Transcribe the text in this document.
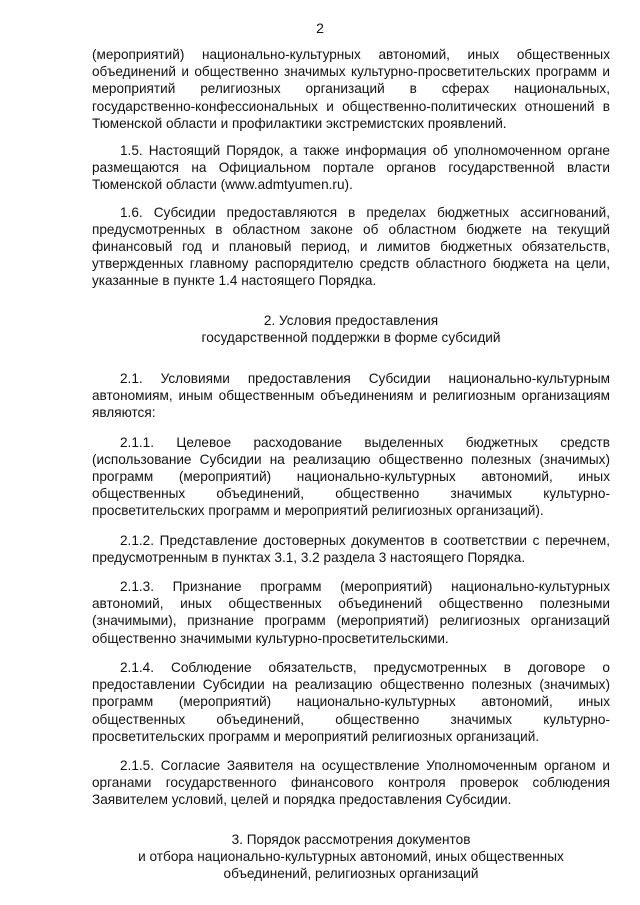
2

(мероприятий) национально-культурных автономий, иных общественных объединений и общественно значимых культурно-просветительских программ и мероприятий религиозных организаций в сферах национальных, государственно-конфессиональных и общественно-политических отношений в Тюменской области и профилактики экстремистских проявлений.

1.5. Настоящий Порядок, а также информация об уполномоченном органе размещаются на Официальном портале органов государственной власти Тюменской области (www.admtyumen.ru).

1.6. Субсидии предоставляются в пределах бюджетных ассигнований, предусмотренных в областном законе об областном бюджете на текущий финансовый год и плановый период, и лимитов бюджетных обязательств, утвержденных главному распорядителю средств областного бюджета на цели, указанные в пункте 1.4 настоящего Порядка.

2. Условия предоставления

государственной поддержки в форме субсидий

2.1. Условиями предоставления Субсидии национально-культурным автономиям, иным общественным объединениям и религиозным организациям являются:

2.1.1. Целевое расходование выделенных бюджетных средств (использование Субсидии на реализацию общественно полезных (значимых) программ (мероприятий) национально-культурных автономий, иных общественных объединений, общественно значимых культурно-просветительских программ и мероприятий религиозных организаций).

2.1.2. Представление достоверных документов в соответствии с перечнем, предусмотренным в пунктах 3.1, 3.2 раздела 3 настоящего Порядка.

2.1.3. Признание программ (мероприятий) национально-культурных автономий, иных общественных объединений общественно полезными (значимыми), признание программ (мероприятий) религиозных организаций общественно значимыми культурно-просветительскими.

2.1.4. Соблюдение обязательств, предусмотренных в договоре о предоставлении Субсидии на реализацию общественно полезных (значимых) программ (мероприятий) национально-культурных автономий, иных общественных объединений, общественно значимых культурно-просветительских программ и мероприятий религиозных организаций.

2.1.5. Согласие Заявителя на осуществление Уполномоченным органом и органами государственного финансового контроля проверок соблюдения Заявителем условий, целей и порядка предоставления Субсидии.

3. Порядок рассмотрения документов

и отбора национально-культурных автономий, иных общественных

объединений, религиозных организаций
